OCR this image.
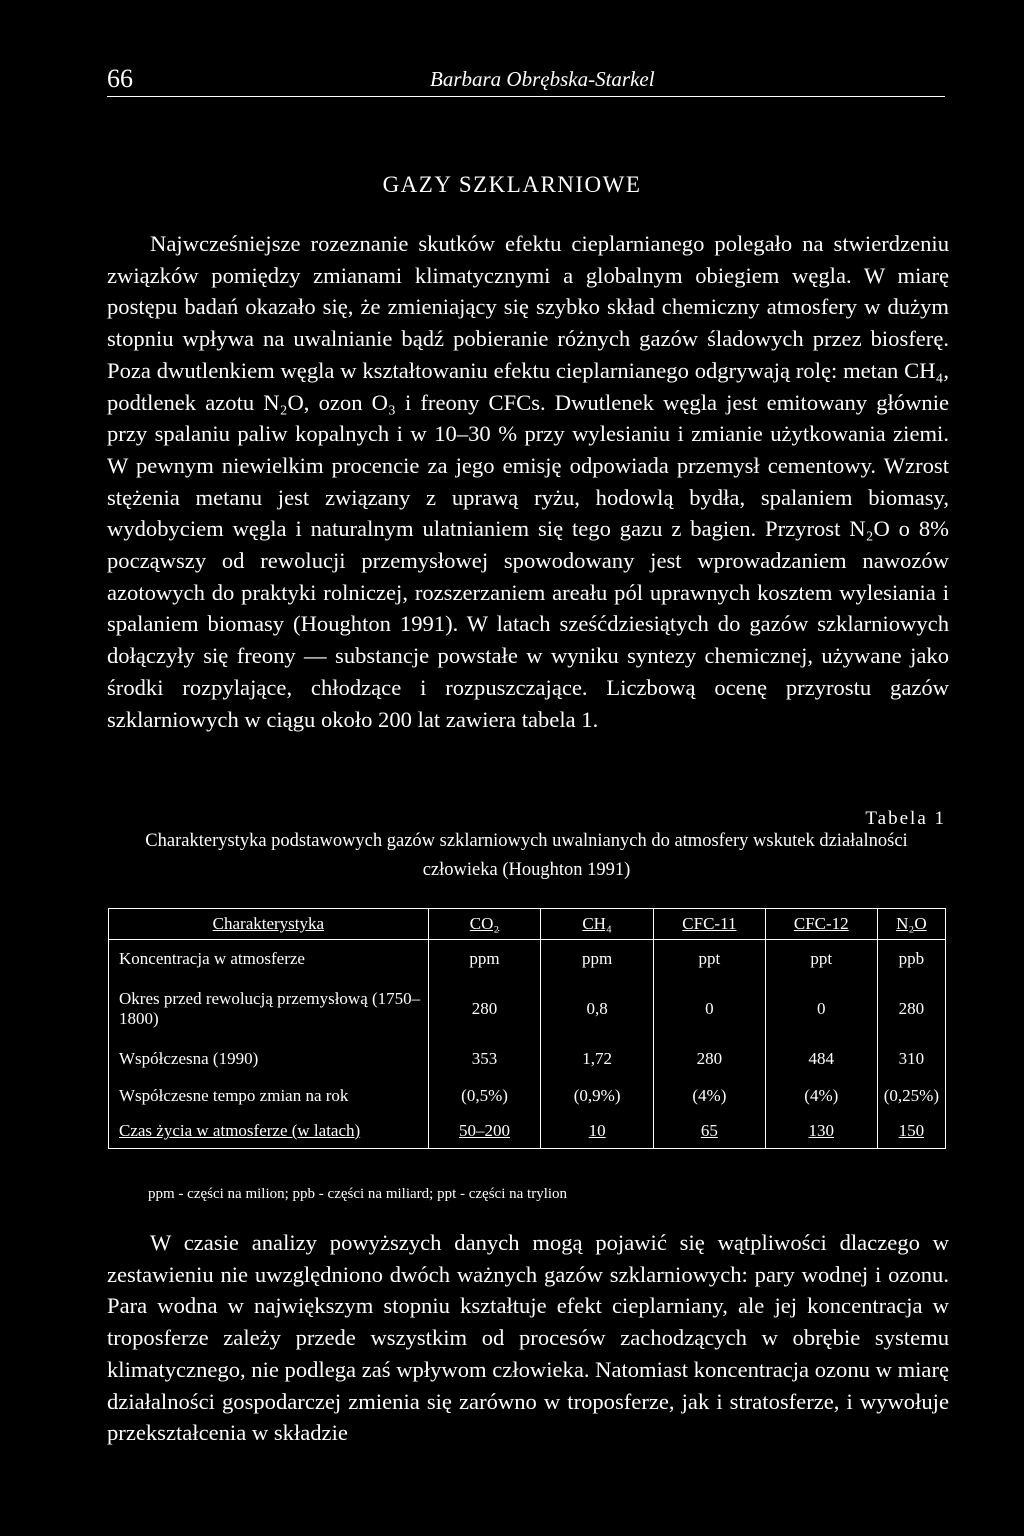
66	Barbara Obrębska-Starkel
GAZY SZKLARNIOWE
Najwcześniejsze rozeznanie skutków efektu cieplarnianego polegało na stwierdzeniu związków pomiędzy zmianami klimatycznymi a globalnym obiegiem węgla. W miarę postępu badań okazało się, że zmieniający się szybko skład chemiczny atmosfery w dużym stopniu wpływa na uwalnianie bądź pobieranie różnych gazów śladowych przez biosferę. Poza dwutlenkiem węgla w kształtowaniu efektu cieplarnianego odgrywają rolę: metan CH₄, podtlenek azotu N₂O, ozon O₃ i freony CFCs. Dwutlenek węgla jest emitowany głównie przy spalaniu paliw kopalnych i w 10–30 % przy wylesianiu i zmianie użytkowania ziemi. W pewnym niewielkim procencie za jego emisję odpowiada przemysł cementowy. Wzrost stężenia metanu jest związany z uprawą ryżu, hodowlą bydła, spalaniem biomasy, wydobyciem węgla i naturalnym ulatnianiem się tego gazu z bagien. Przyrost N₂O o 8% począwszy od rewolucji przemysłowej spowodowany jest wprowadzaniem nawozów azotowych do praktyki rolniczej, rozszerzaniem areału pól uprawnych kosztem wylesiania i spalaniem biomasy (Houghton 1991). W latach sześćdziesiątych do gazów szklarniowych dołączyły się freony — substancje powstałe w wyniku syntezy chemicznej, używane jako środki rozpylające, chłodzące i rozpuszczające. Liczbową ocenę przyrostu gazów szklarniowych w ciągu około 200 lat zawiera tabela 1.
Tabela 1
Charakterystyka podstawowych gazów szklarniowych uwalnianych do atmosfery wskutek działalności człowieka (Houghton 1991)
Charakterystyka	CO₂	CH₄	CFC-11	CFC-12	N₂O
Koncentracja w atmosferze	ppm	ppm	ppt	ppt	ppb
Okres przed rewolucją przemysłową (1750–1800)	280	0,8	0	0	280
Współczesna (1990)	353	1,72	280	484	310
Współczesne tempo zmian na rok	(0,5%)	(0,9%)	(4%)	(4%)	(0,25%)
Czas życia w atmosferze (w latach)	50–200	10	65	130	150
ppm - części na milion; ppb - części na miliard; ppt - części na trylion
W czasie analizy powyższych danych mogą pojawić się wątpliwości dlaczego w zestawieniu nie uwzględniono dwóch ważnych gazów szklarniowych: pary wodnej i ozonu. Para wodna w największym stopniu kształtuje efekt cieplarniany, ale jej koncentracja w troposferze zależy przede wszystkim od procesów zachodzących w obrębie systemu klimatycznego, nie podlega zaś wpływom człowieka. Natomiast koncentracja ozonu w miarę działalności gospodarczej zmienia się zarówno w troposferze, jak i stratosferze, i wywołuje przekształcenia w składzie
